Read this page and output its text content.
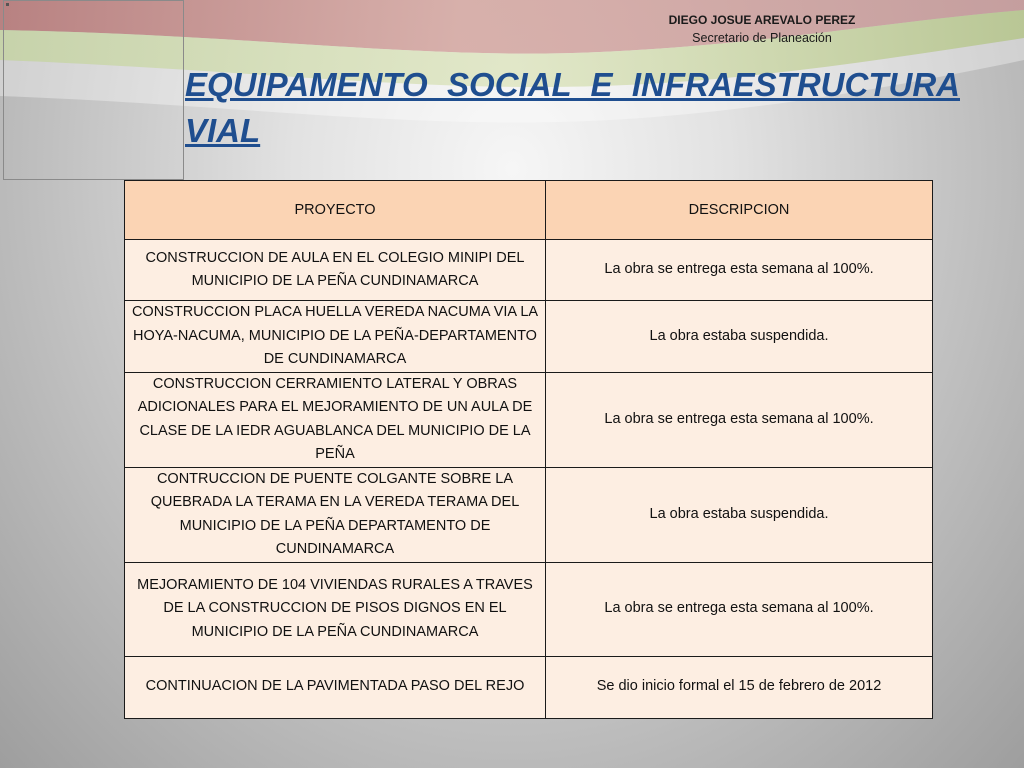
DIEGO JOSUE AREVALO PEREZ
Secretario de Planeación
EQUIPAMENTO SOCIAL E INFRAESTRUCTURA VIAL
PROYECTO	DESCRIPCION
CONSTRUCCION DE AULA EN EL COLEGIO MINIPI DEL MUNICIPIO DE LA PEÑA CUNDINAMARCA	La obra se entrega esta semana al 100%.
CONSTRUCCION PLACA HUELLA VEREDA NACUMA VIA LA HOYA-NACUMA, MUNICIPIO DE LA PEÑA-DEPARTAMENTO DE CUNDINAMARCA	La obra estaba suspendida.
CONSTRUCCION CERRAMIENTO LATERAL Y OBRAS ADICIONALES PARA EL MEJORAMIENTO DE UN AULA DE CLASE DE LA IEDR AGUABLANCA DEL MUNICIPIO DE LA PEÑA	La obra se entrega esta semana al 100%.
CONTRUCCION DE PUENTE COLGANTE SOBRE LA QUEBRADA LA TERAMA EN LA VEREDA TERAMA DEL MUNICIPIO DE LA PEÑA DEPARTAMENTO DE CUNDINAMARCA	La obra estaba suspendida.
MEJORAMIENTO DE 104 VIVIENDAS RURALES A TRAVES DE LA CONSTRUCCION DE PISOS DIGNOS EN EL MUNICIPIO DE LA PEÑA CUNDINAMARCA	La obra se entrega esta semana al 100%.
CONTINUACION DE LA PAVIMENTADA PASO DEL REJO	Se dio inicio formal el 15 de febrero de 2012
